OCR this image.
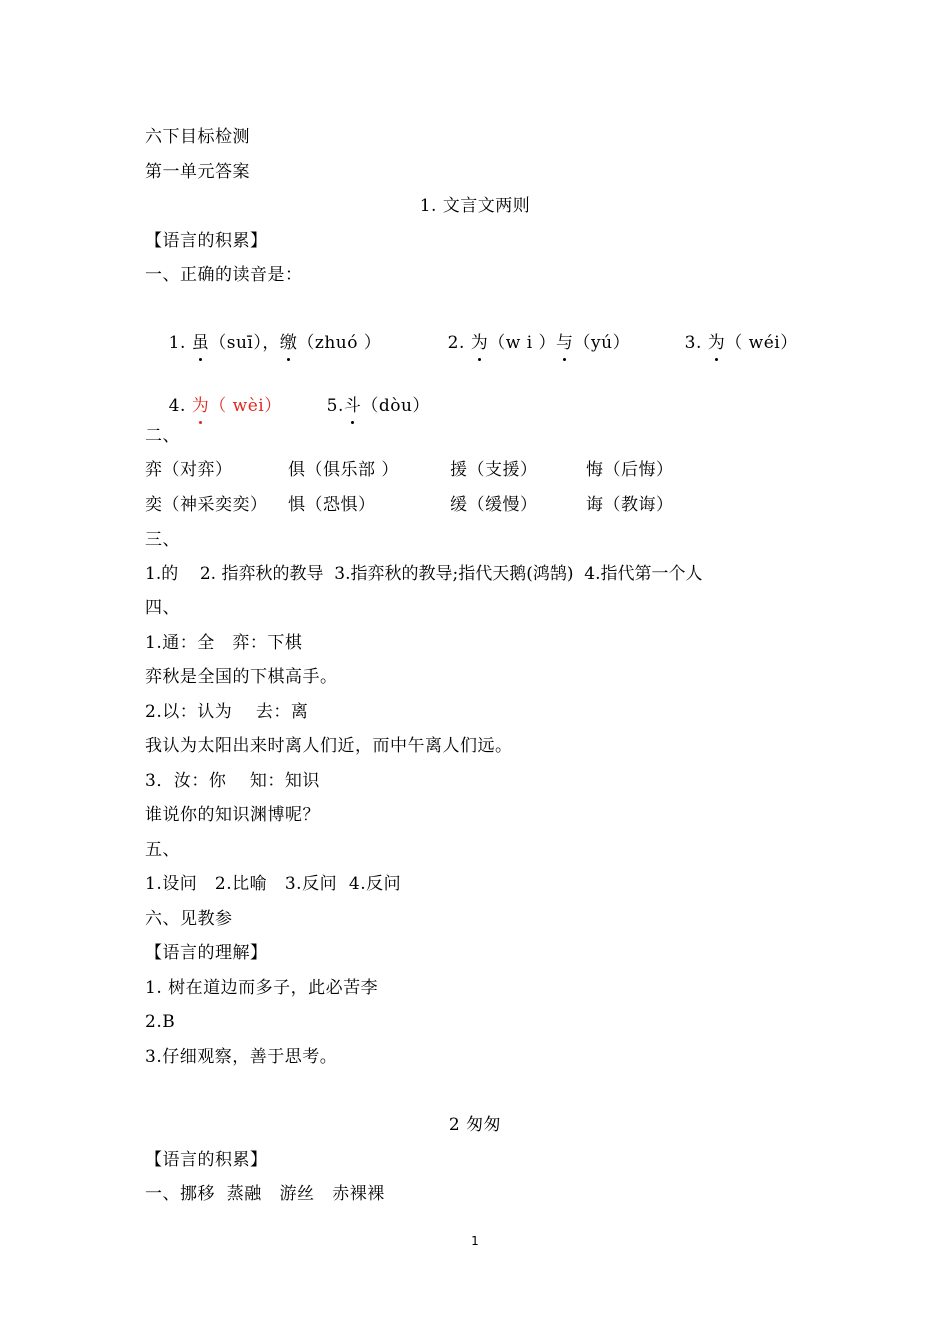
六下目标检测
第一单元答案
1. 文言文两则
【语言的积累】
一、正确的读音是：

1. 虽（suī），缴（zhuó ）
	2. 为（w i ）与（yú）
	3. 为（ wéi）

4. 为（ wèi）
	5.斗（dòu）

二、
弈（对弈）	俱（俱乐部 ）	援（支援）	悔（后悔）
奕（神采奕奕） 惧（恐惧）	缓（缓慢）	诲（教诲）
三、
1.的    2. 指弈秋的教导  3.指弈秋的教导;指代天鹅(鸿鹄)  4.指代第一个人
四、
1.通：全   弈：下棋
弈秋是全国的下棋高手。
2.以：认为    去：离
我认为太阳出来时离人们近，而中午离人们远。
3．汝：你    知：知识
谁说你的知识渊博呢？
五、
1.设问   2.比喻   3.反问  4.反问
六、见教参
【语言的理解】
1. 树在道边而多子，此必苦李
2.B
3.仔细观察，善于思考。
2 匆匆
【语言的积累】
一、挪移  蒸融   游丝   赤裸裸
1
